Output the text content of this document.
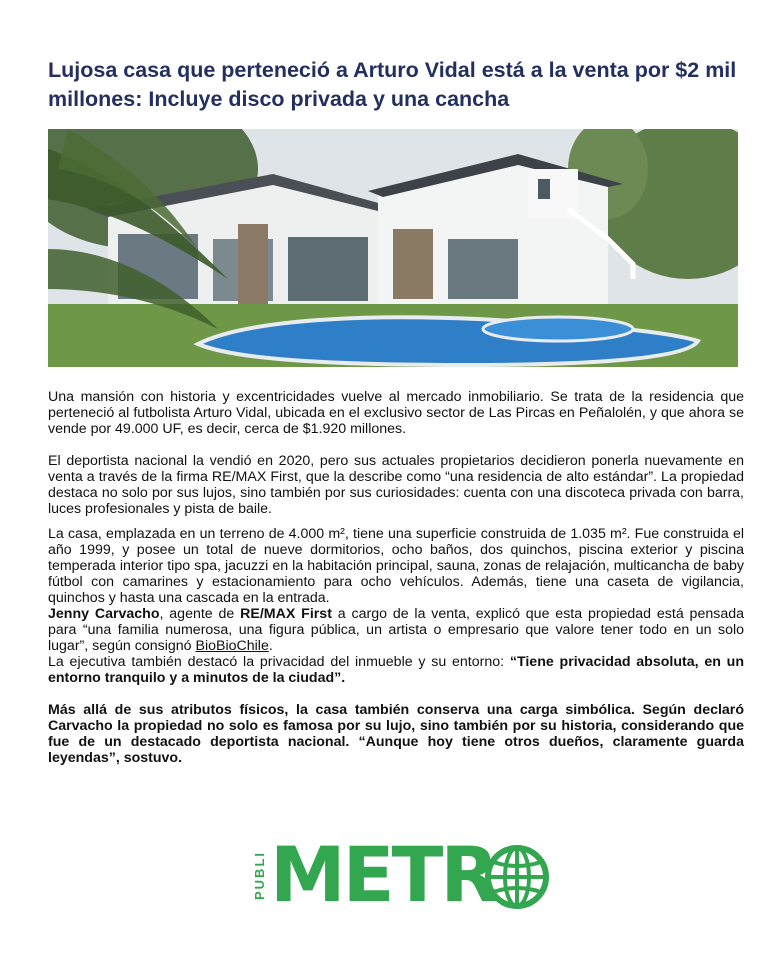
Lujosa casa que perteneció a Arturo Vidal está a la venta por $2 mil millones: Incluye disco privada y una cancha

Una mansión con historia y excentricidades vuelve al mercado inmobiliario. Se trata de la residencia que perteneció al futbolista Arturo Vidal, ubicada en el exclusivo sector de Las Pircas en Peñalolén, y que ahora se vende por 49.000 UF, es decir, cerca de $1.920 millones.

El deportista nacional la vendió en 2020, pero sus actuales propietarios decidieron ponerla nuevamente en venta a través de la firma RE/MAX First, que la describe como “una residencia de alto estándar”. La propiedad destaca no solo por sus lujos, sino también por sus curiosidades: cuenta con una discoteca privada con barra, luces profesionales y pista de baile.

La casa, emplazada en un terreno de 4.000 m², tiene una superficie construida de 1.035 m². Fue construida el año 1999, y posee un total de nueve dormitorios, ocho baños, dos quinchos, piscina exterior y piscina temperada interior tipo spa, jacuzzi en la habitación principal, sauna, zonas de relajación, multicancha de baby fútbol con camarines y estacionamiento para ocho vehículos. Además, tiene una caseta de vigilancia, quinchos y hasta una cascada en la entrada.

Jenny Carvacho, agente de RE/MAX First a cargo de la venta, explicó que esta propiedad está pensada para “una familia numerosa, una figura pública, un artista o empresario que valore tener todo en un solo lugar”, según consignó BioBioChile.

La ejecutiva también destacó la privacidad del inmueble y su entorno: “Tiene privacidad absoluta, en un entorno tranquilo y a minutos de la ciudad”.

Más allá de sus atributos físicos, la casa también conserva una carga simbólica. Según declaró Carvacho la propiedad no solo es famosa por su lujo, sino también por su historia, considerando que fue de un destacado deportista nacional. “Aunque hoy tiene otros dueños, claramente guarda leyendas”, sostuvo.

PUBLI METR
